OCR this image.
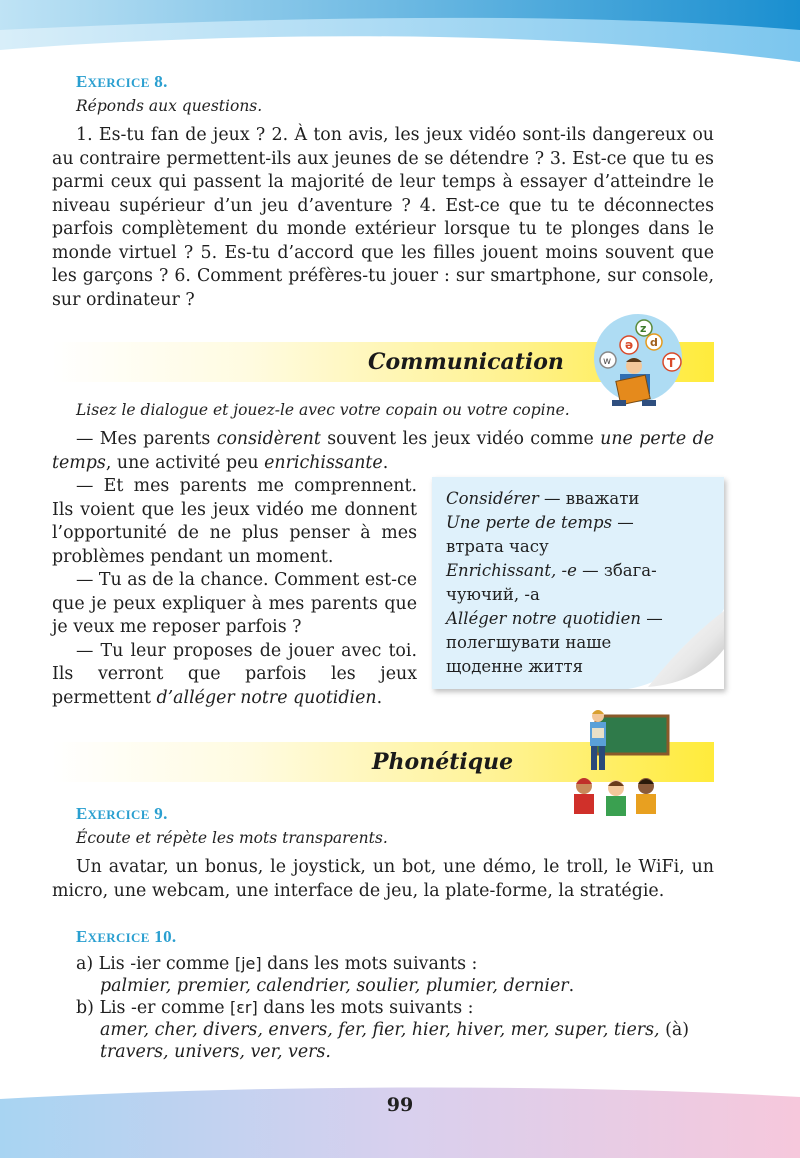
EXERCICE 8.
Réponds aux questions.
1. Es-tu fan de jeux ? 2. À ton avis, les jeux vidéo sont-ils dangereux ou au contraire permettent-ils aux jeunes de se détendre ? 3. Est-ce que tu es parmi ceux qui passent la majorité de leur temps à essayer d’atteindre le niveau supérieur d’un jeu d’aventure ? 4. Est-ce que tu te déconnectes parfois complètement du monde extérieur lorsque tu te plonges dans le monde virtuel ? 5. Es-tu d’accord que les filles jouent moins souvent que les garçons ? 6. Comment préfères-tu jouer : sur smartphone, sur console, sur ordinateur ?
Communication
z
ə d
ᴡ	T
Lisez le dialogue et jouez-le avec votre copain ou votre copine.
— Mes parents considèrent souvent les jeux vidéo comme une perte de temps, une activité peu enrichissante.

— Et mes parents me comprennent. Ils voient que les jeux vidéo me donnent l’opportunité de ne plus penser à mes problèmes pendant un moment.

— Tu as de la chance. Comment est-ce que je peux expliquer à mes parents que je veux me reposer parfois ?

— Tu leur proposes de jouer avec toi. Ils verront que parfois les jeux permettent d’alléger notre quotidien.

Considérer — вважати
Une perte de temps —
втрата часу
Enrichissant, -e — збага-
чуючий, -а
Alléger notre quotidien —
полегшувати наше
щоденне життя
Phonétique
EXERCICE 9.
Écoute et répète les mots transparents.
Un avatar, un bonus, le joystick, un bot, une démo, le troll, le WiFi, un micro, une webcam, une interface de jeu, la plate-forme, la stratégie.
EXERCICE 10.
a) Lis -ier comme [je] dans les mots suivants :
palmier, premier, calendrier, soulier, plumier, dernier.
b) Lis -er comme [ɛr] dans les mots suivants :
amer, cher, divers, envers, fer, fier, hier, hiver, mer, super, tiers, (à)
travers, univers, ver, vers.
99
